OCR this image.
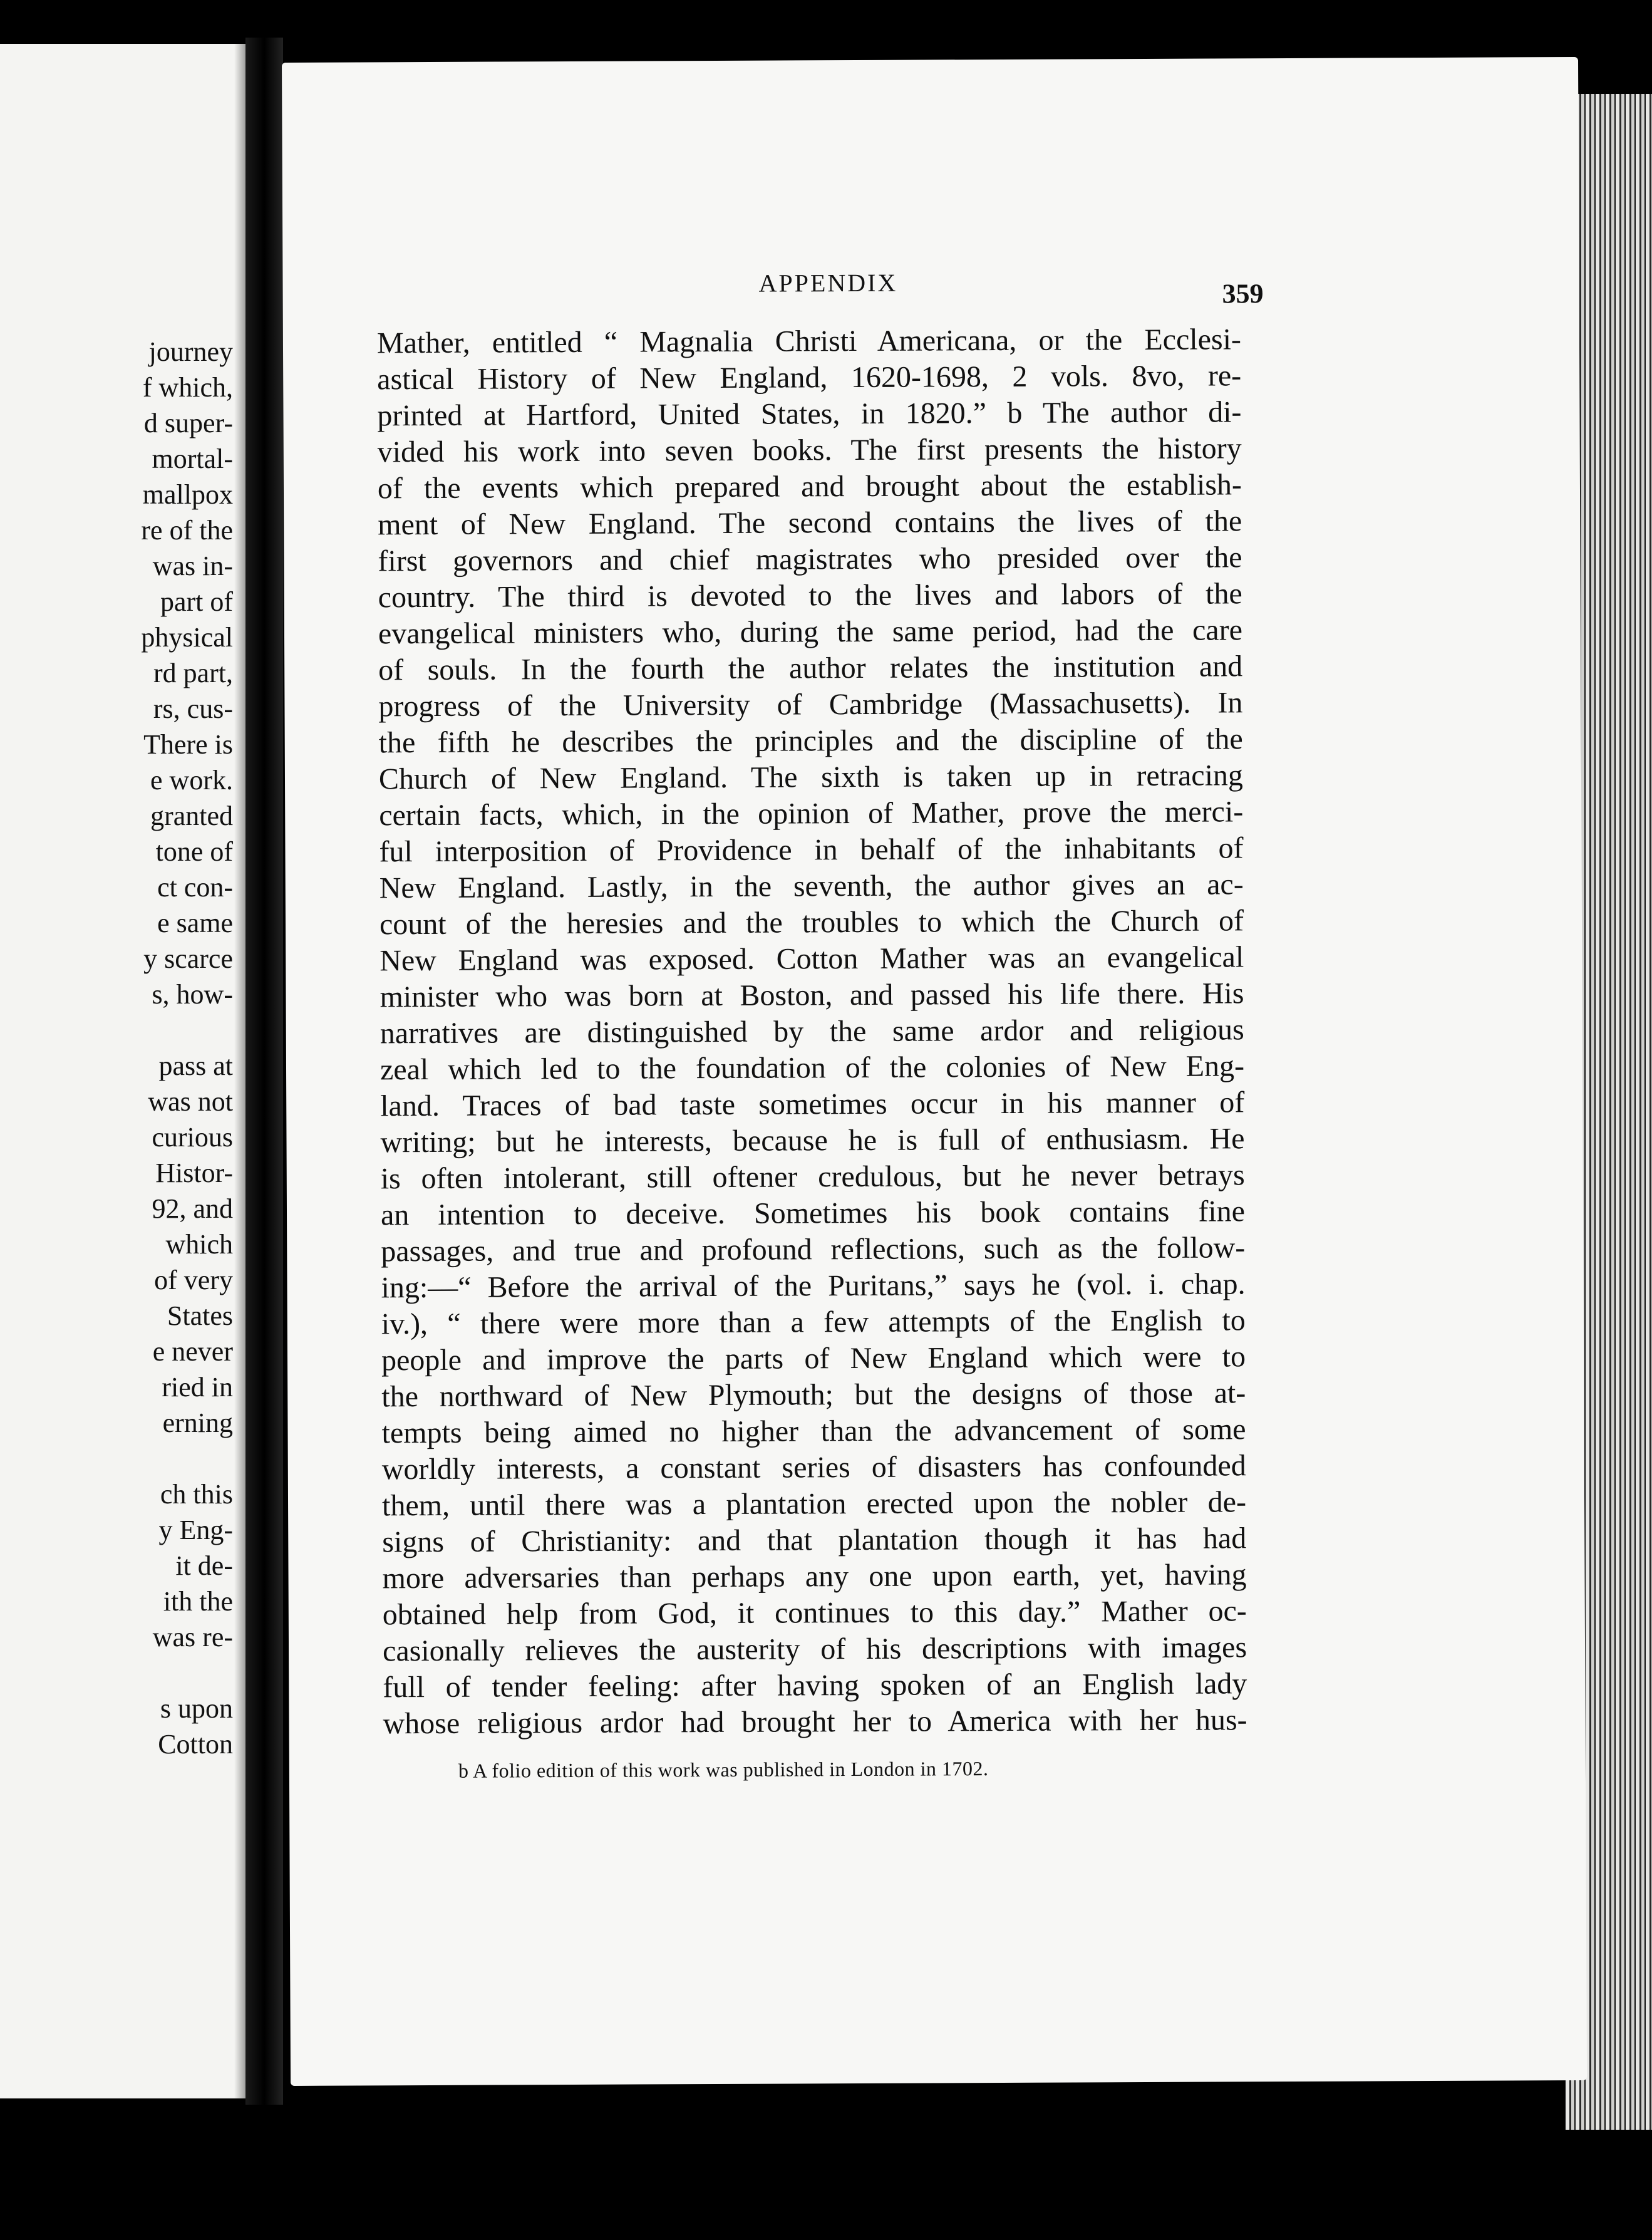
journey
f which,
d super-
mortal-
mallpox
re of the
was in-
part of
physical
rd part,
rs, cus-
There is
e work.
granted
tone of
ct con-
e same
y scarce
s, how-
pass at
was not
curious
Histor-
92, and
which
of very
States
e never
ried in
erning
ch this
y Eng-
it de-
ith the
was re-
s upon
Cotton
APPENDIX	359
Mather, entitled “ Magnalia Christi Americana, or the Ecclesi-
astical History of New England, 1620-1698, 2 vols. 8vo, re-
printed at Hartford, United States, in 1820.” b The author di-
vided his work into seven books. The first presents the history
of the events which prepared and brought about the establish-
ment of New England. The second contains the lives of the
first governors and chief magistrates who presided over the
country. The third is devoted to the lives and labors of the
evangelical ministers who, during the same period, had the care
of souls. In the fourth the author relates the institution and
progress of the University of Cambridge (Massachusetts). In
the fifth he describes the principles and the discipline of the
Church of New England. The sixth is taken up in retracing
certain facts, which, in the opinion of Mather, prove the merci-
ful interposition of Providence in behalf of the inhabitants of
New England. Lastly, in the seventh, the author gives an ac-
count of the heresies and the troubles to which the Church of
New England was exposed. Cotton Mather was an evangelical
minister who was born at Boston, and passed his life there. His
narratives are distinguished by the same ardor and religious
zeal which led to the foundation of the colonies of New Eng-
land. Traces of bad taste sometimes occur in his manner of
writing; but he interests, because he is full of enthusiasm. He
is often intolerant, still oftener credulous, but he never betrays
an intention to deceive. Sometimes his book contains fine
passages, and true and profound reflections, such as the follow-
ing:—“ Before the arrival of the Puritans,” says he (vol. i. chap.
iv.), “ there were more than a few attempts of the English to
people and improve the parts of New England which were to
the northward of New Plymouth; but the designs of those at-
tempts being aimed no higher than the advancement of some
worldly interests, a constant series of disasters has confounded
them, until there was a plantation erected upon the nobler de-
signs of Christianity: and that plantation though it has had
more adversaries than perhaps any one upon earth, yet, having
obtained help from God, it continues to this day.” Mather oc-
casionally relieves the austerity of his descriptions with images
full of tender feeling: after having spoken of an English lady
whose religious ardor had brought her to America with her hus-
b A folio edition of this work was published in London in 1702.
